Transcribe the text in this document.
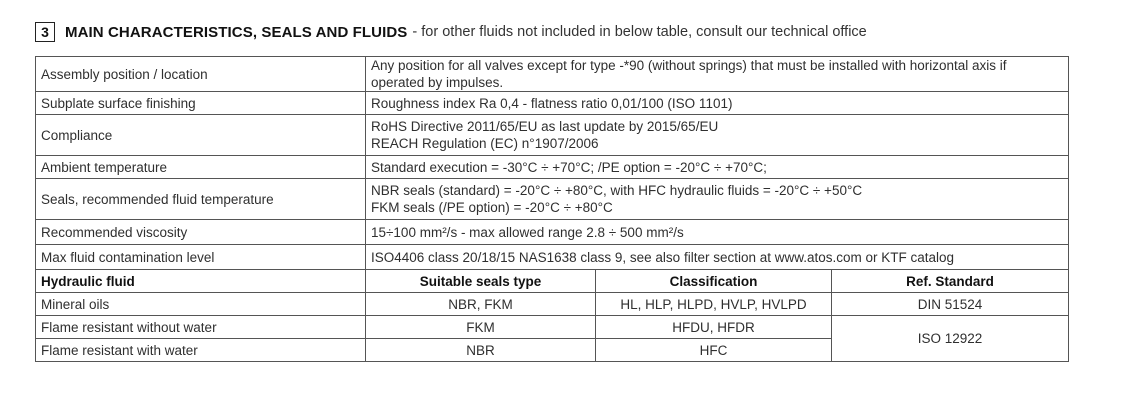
3	MAIN CHARACTERISTICS, SEALS AND FLUIDS - for other fluids not included in below table, consult our technical office
Assembly position / location	Any position for all valves except for type -*90 (without springs) that must be installed with horizontal axis if operated by impulses.		
Subplate surface finishing	Roughness index Ra 0,4 - flatness ratio 0,01/100 (ISO 1101)		
Compliance	RoHS Directive 2011/65/EU as last update by 2015/65/EU
REACH Regulation (EC) n°1907/2006		

Ambient temperature	Standard execution = -30°C ÷ +70°C; /PE option = -20°C ÷ +70°C;		
Seals, recommended fluid temperature	NBR seals (standard) = -20°C ÷ +80°C, with HFC hydraulic fluids = -20°C ÷ +50°C
FKM seals (/PE option) = -20°C ÷ +80°C		

Recommended viscosity	15÷100 mm²/s - max allowed range 2.8 ÷ 500 mm²/s		
Max fluid contamination level	ISO4406 class 20/18/15 NAS1638 class 9, see also filter section at www.atos.com or KTF catalog		
Hydraulic fluid	Suitable seals type	Classification	Ref. Standard
Mineral oils	NBR, FKM	HL, HLP, HLPD, HVLP, HVLPD	DIN 51524
Flame resistant without water	FKM	HFDU, HFDR	ISO 12922
Flame resistant with water	NBR	HFC	
